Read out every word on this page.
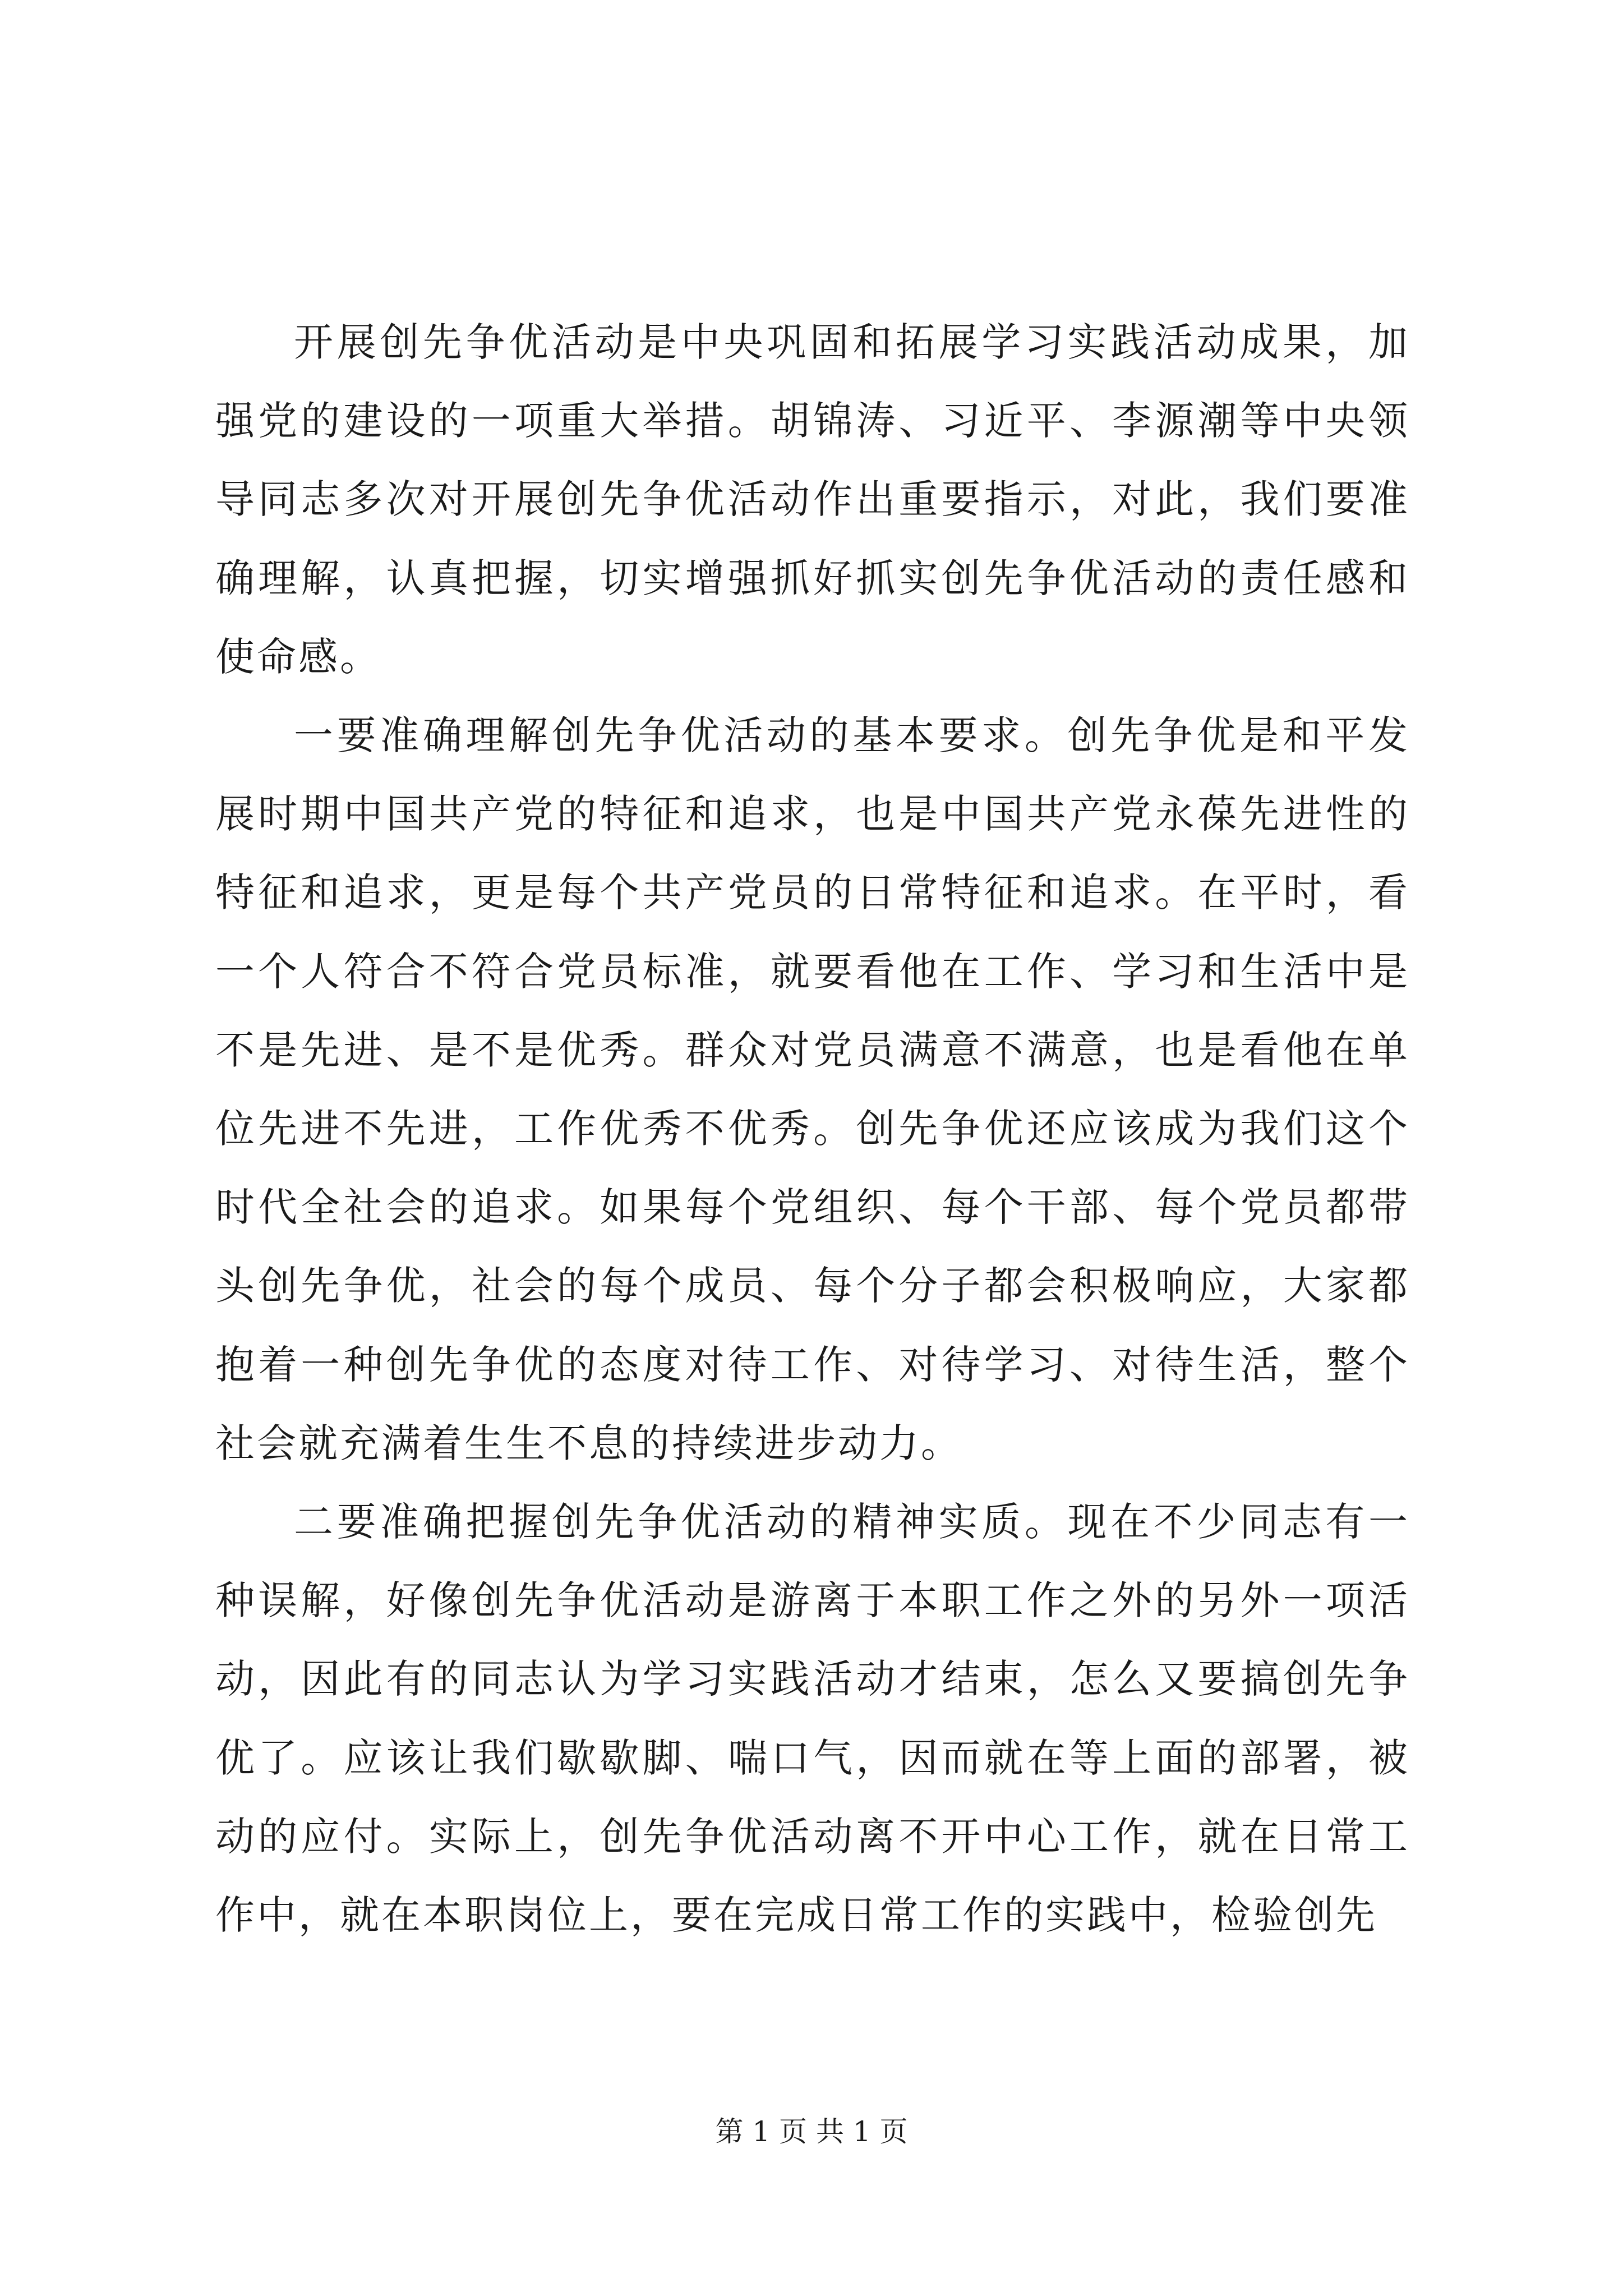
开展创先争优活动是中央巩固和拓展学习实践活动成果，加强党的建设的一项重大举措。胡锦涛、习近平、李源潮等中央领导同志多次对开展创先争优活动作出重要指示，对此，我们要准确理解，认真把握，切实增强抓好抓实创先争优活动的责任感和使命感。

一要准确理解创先争优活动的基本要求。创先争优是和平发展时期中国共产党的特征和追求，也是中国共产党永葆先进性的特征和追求，更是每个共产党员的日常特征和追求。在平时，看一个人符合不符合党员标准，就要看他在工作、学习和生活中是不是先进、是不是优秀。群众对党员满意不满意，也是看他在单位先进不先进，工作优秀不优秀。创先争优还应该成为我们这个时代全社会的追求。如果每个党组织、每个干部、每个党员都带头创先争优，社会的每个成员、每个分子都会积极响应，大家都抱着一种创先争优的态度对待工作、对待学习、对待生活，整个社会就充满着生生不息的持续进步动力。

二要准确把握创先争优活动的精神实质。现在不少同志有一种误解，好像创先争优活动是游离于本职工作之外的另外一项活动，因此有的同志认为学习实践活动才结束，怎么又要搞创先争优了。应该让我们歇歇脚、喘口气，因而就在等上面的部署，被动的应付。实际上，创先争优活动离不开中心工作，就在日常工作中，就在本职岗位上，要在完成日常工作的实践中，检验创先

第 1 页 共 1 页
